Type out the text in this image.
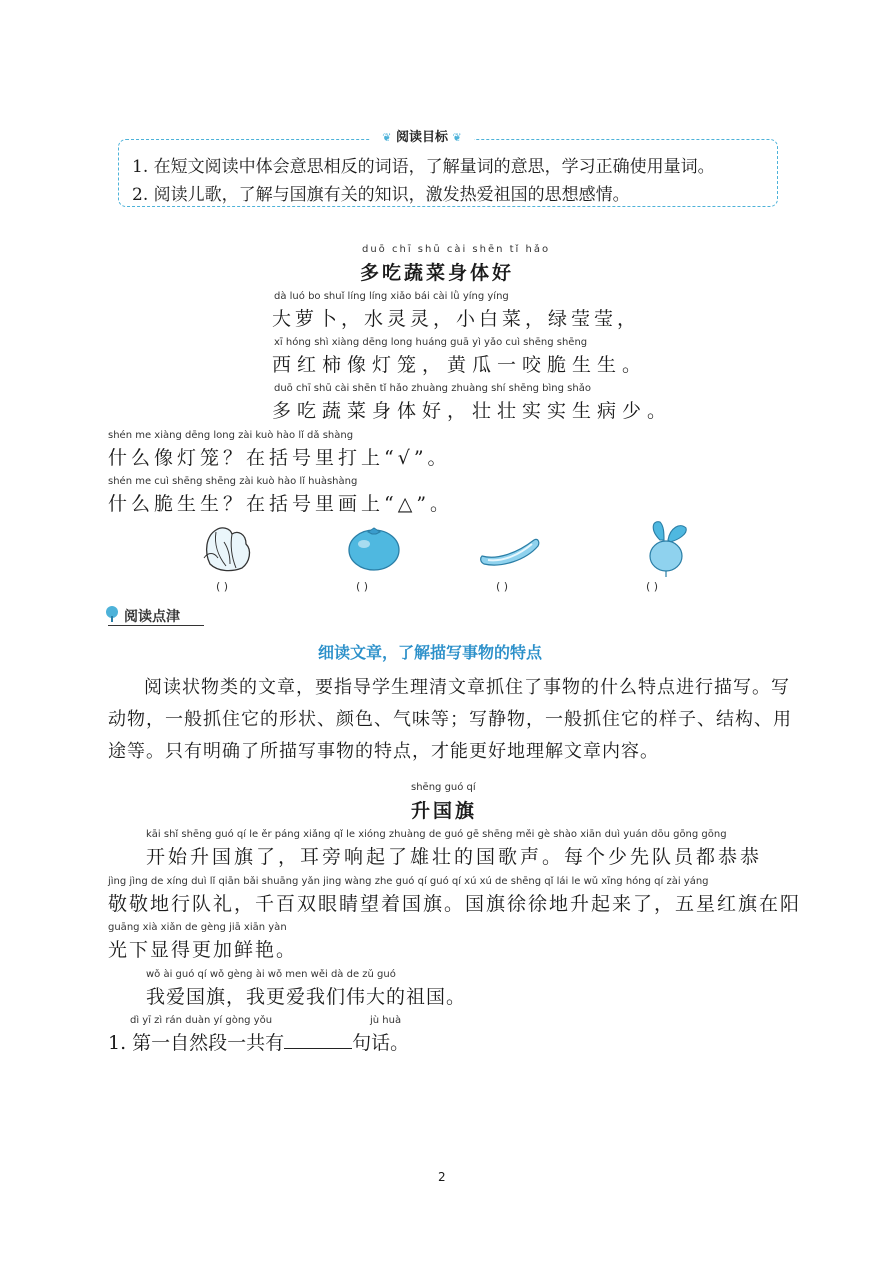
❦ 阅读目标 ❦
1. 在短文阅读中体会意思相反的词语，了解量词的意思，学习正确使用量词。
2. 阅读儿歌，了解与国旗有关的知识，激发热爱祖国的思想感情。
duō chī shū cài shēn tǐ hǎo
多吃蔬菜身体好
dà luó bo shuǐ líng líng xiǎo bái cài lǜ yíng yíng
大萝卜，水灵灵，小白菜，绿莹莹，
xī hóng shì xiàng dēng long huáng guā yì yǎo cuì shēng shēng
西红柿像灯笼，黄瓜一咬脆生生。
duō chī shū cài shēn tǐ hǎo zhuàng zhuàng shí shēng bìng shǎo
多吃蔬菜身体好，壮壮实实生病少。
shén me xiàng dēng long zài kuò hào lǐ dǎ shàng
什么像灯笼？在括号里打上“√”。
shén me cuì shēng shēng zài kuò hào lǐ huàshàng
什么脆生生？在括号里画上“△”。
( )	( )	( )	( )
阅读点津
细读文章，了解描写事物的特点
阅读状物类的文章，要指导学生理清文章抓住了事物的什么特点进行描写。写动物，一般抓住它的形状、颜色、气味等；写静物，一般抓住它的样子、结构、用途等。只有明确了所描写事物的特点，才能更好地理解文章内容。
shēng guó qí
升国旗
kāi shǐ shēng guó qí le ěr páng xiǎng qǐ le xióng zhuàng de guó gē shēng měi gè shào xiān duì yuán dōu gōng gōng
开始升国旗了，耳旁响起了雄壮的国歌声。每个少先队员都恭恭
jìng jìng de xíng duì lǐ qiān bǎi shuāng yǎn jing wàng zhe guó qí guó qí xú xú de shēng qǐ lái le wǔ xīng hóng qí zài yáng
敬敬地行队礼，千百双眼睛望着国旗。国旗徐徐地升起来了，五星红旗在阳
guāng xià xiǎn de gèng jiā xiān yàn
光下显得更加鲜艳。
wǒ ài guó qí wǒ gèng ài wǒ men wěi dà de zǔ guó
我爱国旗，我更爱我们伟大的祖国。
dì yī zì rán duàn yí gòng yǒu	jù huà
1. 第一自然段一共有	句话。
2
